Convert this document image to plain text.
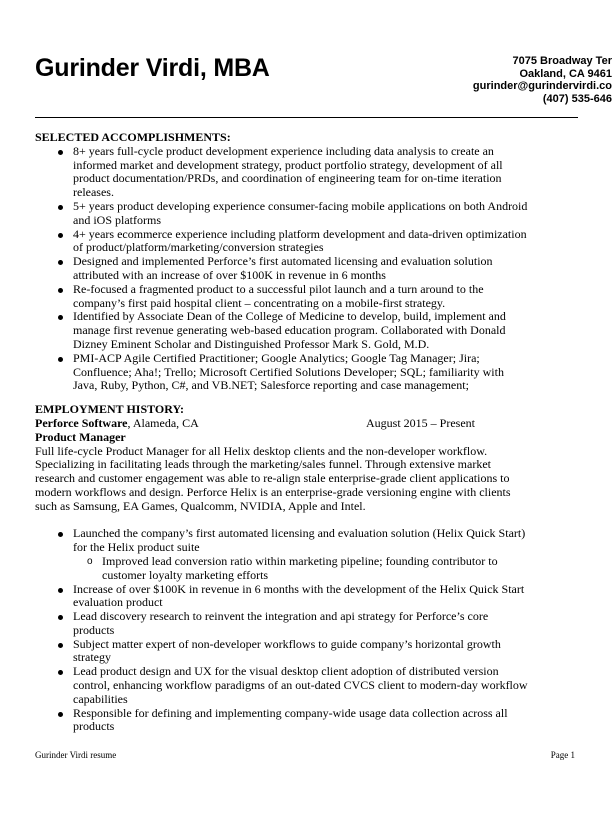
Gurinder Virdi, MBA	7075 Broadway Ter
Oakland, CA 9461
gurinder@gurindervirdi.co
(407) 535-646
SELECTED ACCOMPLISHMENTS:
8+ years full-cycle product development experience including data analysis to create an informed market and development strategy, product portfolio strategy, development of all product documentation/PRDs, and coordination of engineering team for on-time iteration releases.
5+ years product developing experience consumer-facing mobile applications on both Android and iOS platforms
4+ years ecommerce experience including platform development and data-driven optimization of product/platform/marketing/conversion strategies
Designed and implemented Perforce’s first automated licensing and evaluation solution attributed with an increase of over $100K in revenue in 6 months
Re-focused a fragmented product to a successful pilot launch and a turn around to the company’s first paid hospital client – concentrating on a mobile-first strategy.
Identified by Associate Dean of the College of Medicine to develop, build, implement and manage first revenue generating web-based education program. Collaborated with Donald Dizney Eminent Scholar and Distinguished Professor Mark S. Gold, M.D.
PMI-ACP Agile Certified Practitioner; Google Analytics; Google Tag Manager; Jira; Confluence; Aha!; Trello; Microsoft Certified Solutions Developer; SQL; familiarity with Java, Ruby, Python, C#, and VB.NET; Salesforce reporting and case management;
EMPLOYMENT HISTORY:
Perforce Software, Alameda, CA	August 2015 – Present
Product Manager
Full life-cycle Product Manager for all Helix desktop clients and the non-developer workflow. Specializing in facilitating leads through the marketing/sales funnel. Through extensive market research and customer engagement was able to re-align stale enterprise-grade client applications to modern workflows and design. Perforce Helix is an enterprise-grade versioning engine with clients such as Samsung, EA Games, Qualcomm, NVIDIA, Apple and Intel.
Launched the company’s first automated licensing and evaluation solution (Helix Quick Start) for the Helix product suite
o Improved lead conversion ratio within marketing pipeline; founding contributor to customer loyalty marketing efforts
Increase of over $100K in revenue in 6 months with the development of the Helix Quick Start evaluation product
Lead discovery research to reinvent the integration and api strategy for Perforce’s core products
Subject matter expert of non-developer workflows to guide company’s horizontal growth strategy
Lead product design and UX for the visual desktop client adoption of distributed version control, enhancing workflow paradigms of an out-dated CVCS client to modern-day workflow capabilities
Responsible for defining and implementing company-wide usage data collection across all products
Gurinder Virdi resume	Page 1
